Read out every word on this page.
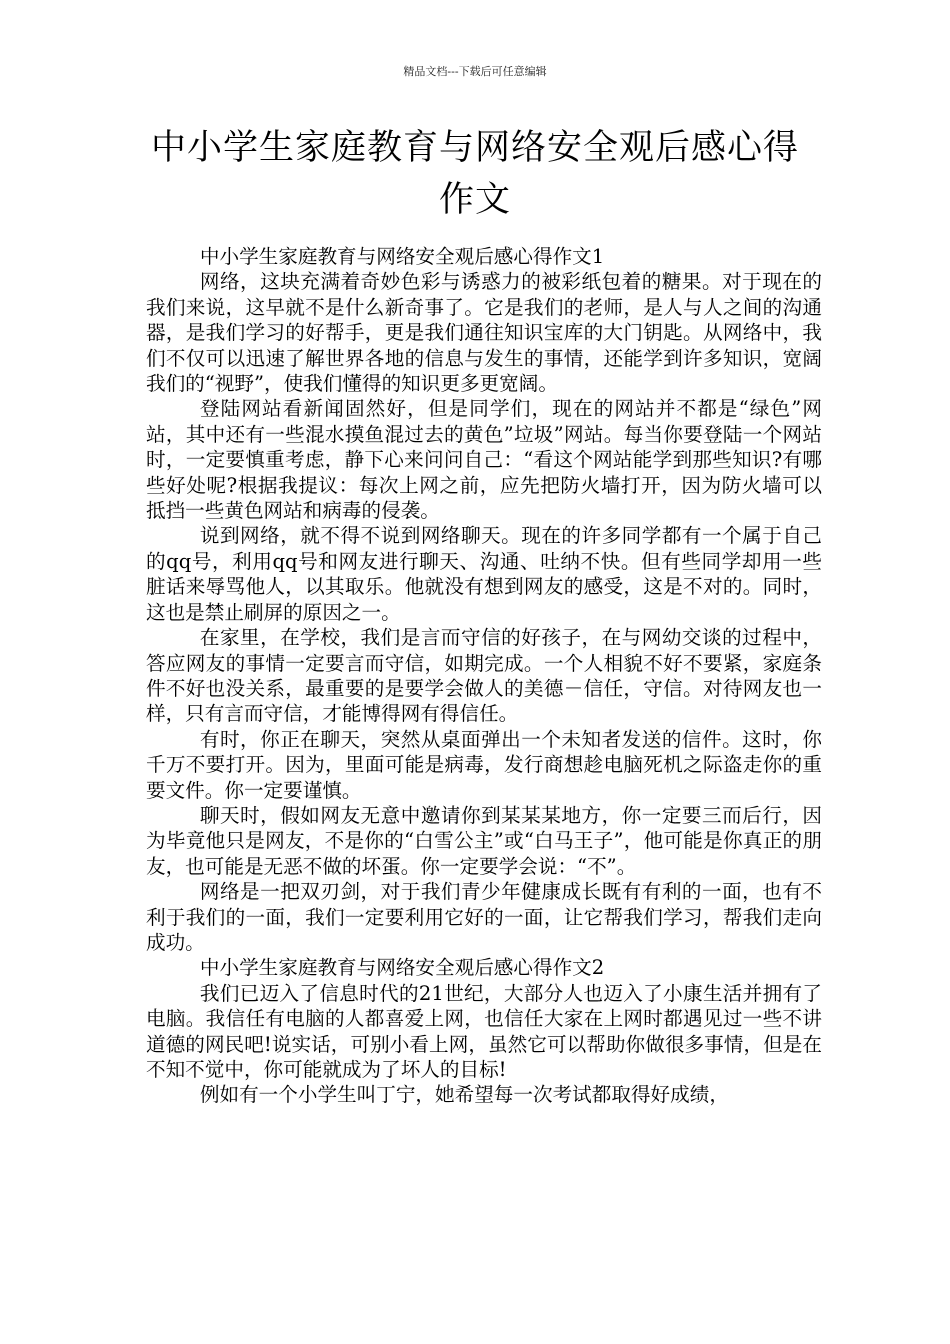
精品文档---下载后可任意编辑
中小学生家庭教育与网络安全观后感心得作文

中小学生家庭教育与网络安全观后感心得作文1

网络，这块充满着奇妙色彩与诱惑力的被彩纸包着的糖果。对于现在的我们来说，这早就不是什么新奇事了。它是我们的老师，是人与人之间的沟通器，是我们学习的好帮手，更是我们通往知识宝库的大门钥匙。从网络中，我们不仅可以迅速了解世界各地的信息与发生的事情，还能学到许多知识，宽阔我们的“视野”，使我们懂得的知识更多更宽阔。

登陆网站看新闻固然好，但是同学们，现在的网站并不都是“绿色”网站，其中还有一些混水摸鱼混过去的黄色”垃圾”网站。每当你要登陆一个网站时，一定要慎重考虑，静下心来问问自己：“看这个网站能学到那些知识?有哪些好处呢?根据我提议：每次上网之前，应先把防火墙打开，因为防火墙可以抵挡一些黄色网站和病毒的侵袭。

说到网络，就不得不说到网络聊天。现在的许多同学都有一个属于自己的qq号，利用qq号和网友进行聊天、沟通、吐纳不快。但有些同学却用一些脏话来辱骂他人，以其取乐。他就没有想到网友的感受，这是不对的。同时，这也是禁止刷屏的原因之一。

在家里，在学校，我们是言而守信的好孩子，在与网幼交谈的过程中，答应网友的事情一定要言而守信，如期完成。一个人相貌不好不要紧，家庭条件不好也没关系，最重要的是要学会做人的美德－信任，守信。对待网友也一样，只有言而守信，才能博得网有得信任。

有时，你正在聊天，突然从桌面弹出一个未知者发送的信件。这时，你千万不要打开。因为，里面可能是病毒，发行商想趁电脑死机之际盗走你的重要文件。你一定要谨慎。

聊天时，假如网友无意中邀请你到某某某地方，你一定要三而后行，因为毕竟他只是网友，不是你的“白雪公主”或“白马王子”，他可能是你真正的朋友，也可能是无恶不做的坏蛋。你一定要学会说：“不”。

网络是一把双刃剑，对于我们青少年健康成长既有有利的一面，也有不利于我们的一面，我们一定要利用它好的一面，让它帮我们学习，帮我们走向成功。

中小学生家庭教育与网络安全观后感心得作文2

我们已迈入了信息时代的21世纪，大部分人也迈入了小康生活并拥有了电脑。我信任有电脑的人都喜爱上网，也信任大家在上网时都遇见过一些不讲道德的网民吧!说实话，可别小看上网，虽然它可以帮助你做很多事情，但是在不知不觉中，你可能就成为了坏人的目标!

例如有一个小学生叫丁宁，她希望每一次考试都取得好成绩，
